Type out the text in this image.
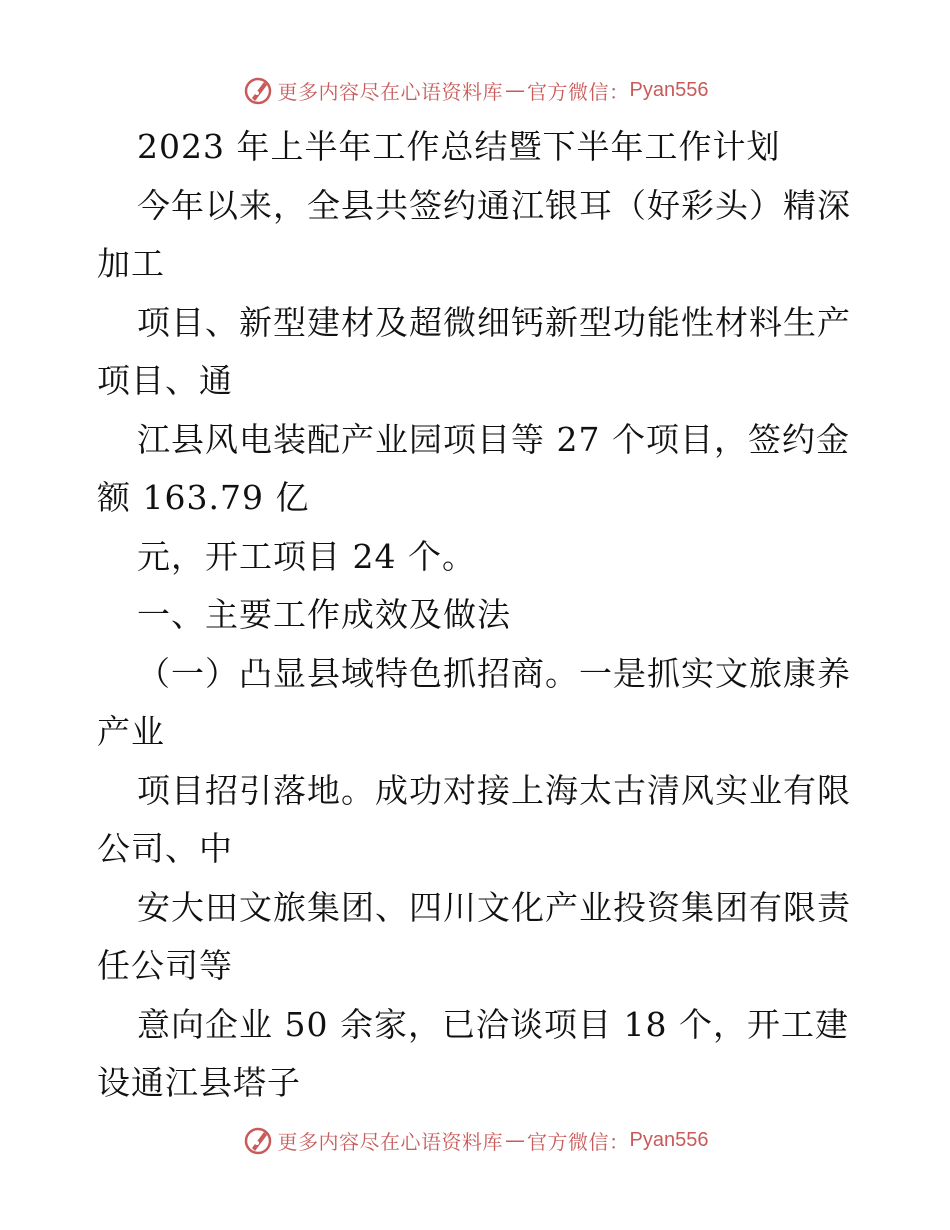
更多内容尽在心语资料库 — 官方微信： Pyan556
2023 年上半年工作总结暨下半年工作计划
今年以来，全县共签约通江银耳（好彩头）精深
加工
项目、新型建材及超微细钙新型功能性材料生产
项目、通
江县风电装配产业园项目等 27 个项目，签约金
额 163.79 亿
元，开工项目 24 个。
一、主要工作成效及做法
（一）凸显县域特色抓招商。一是抓实文旅康养
产业
项目招引落地。成功对接上海太古清风实业有限
公司、中
安大田文旅集团、四川文化产业投资集团有限责
任公司等
意向企业 50 余家，已洽谈项目 18 个，开工建
设通江县塔子
更多内容尽在心语资料库 — 官方微信： Pyan556
